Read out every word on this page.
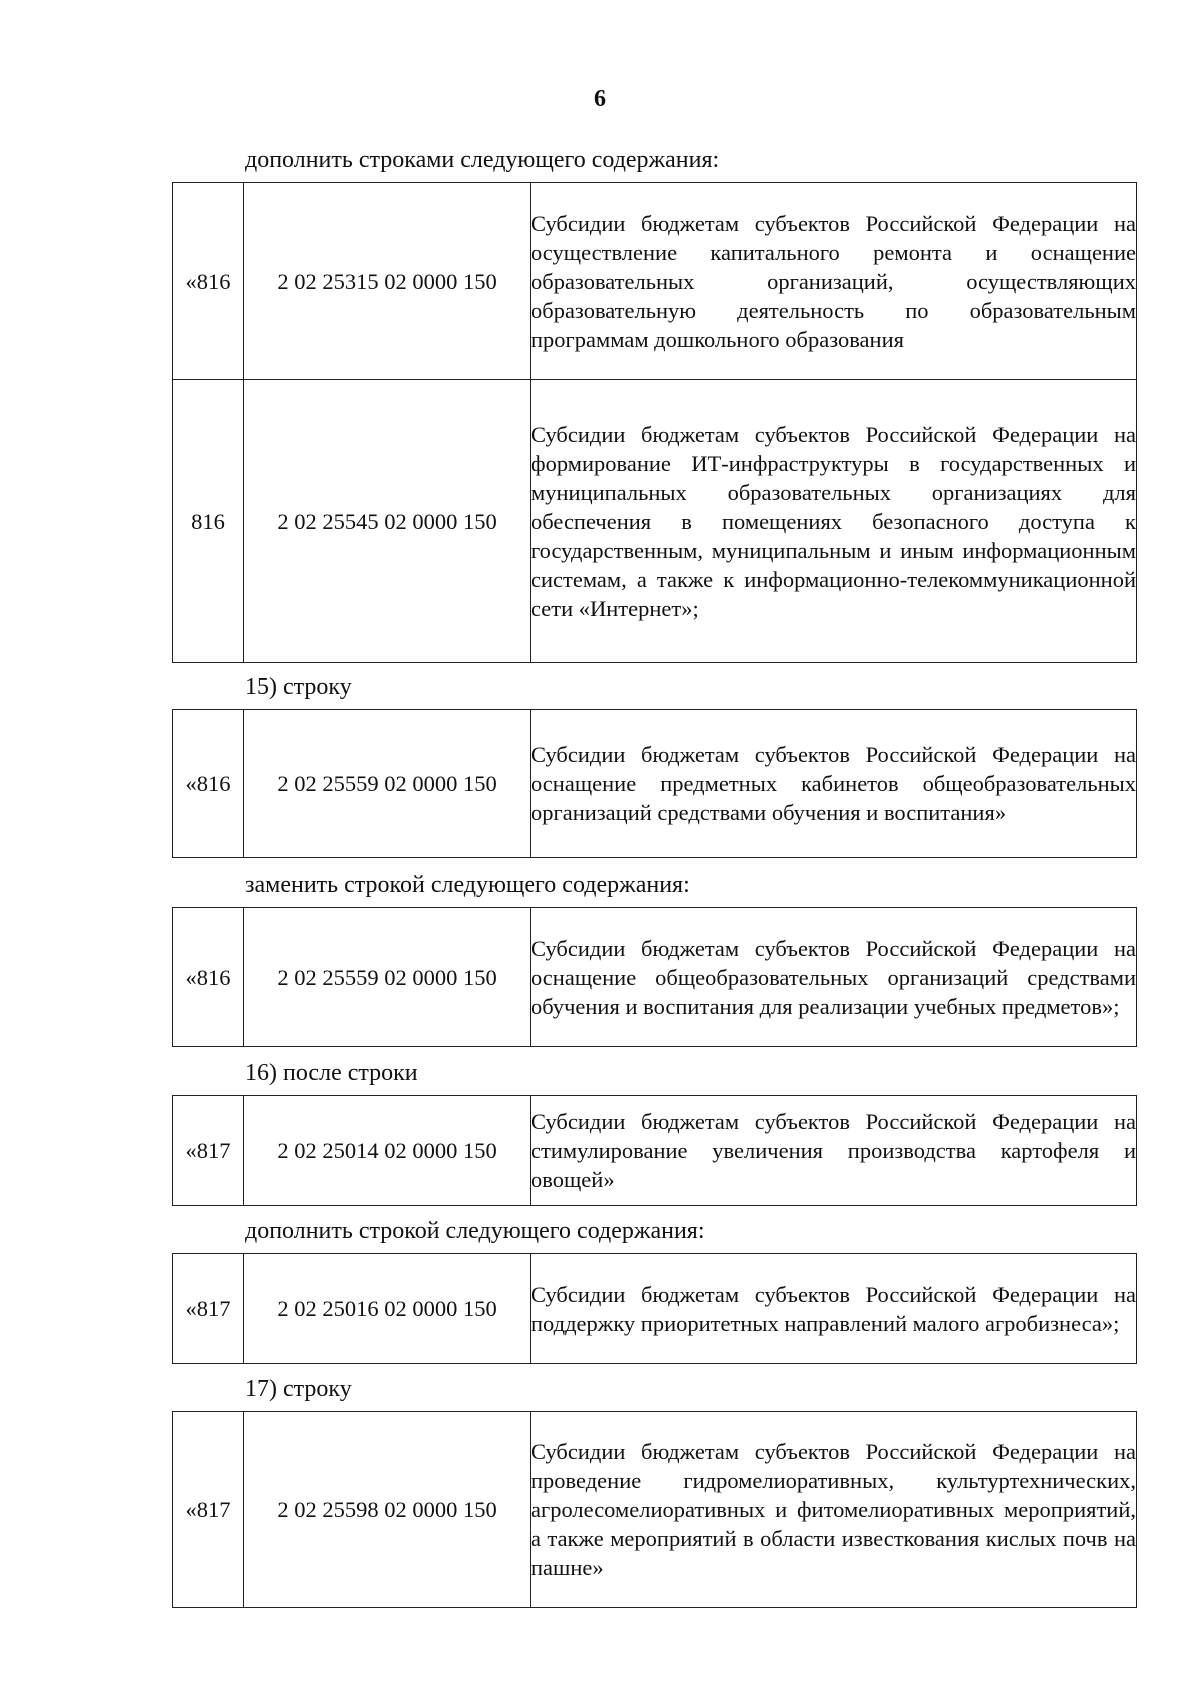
6
дополнить строками следующего содержания:
«816	2 02 25315 02 0000 150	Субсидии бюджетам субъектов Российской Федерации на осуществление капитального ремонта и оснащение образовательных организаций, осуществляющих образовательную деятельность по образовательным программам дошкольного образования
816	2 02 25545 02 0000 150	Субсидии бюджетам субъектов Российской Федерации на формирование ИТ-инфраструктуры в государственных и муниципальных образовательных организациях для обеспечения в помещениях безопасного доступа к государственным, муниципальным и иным информационным системам, а также к информационно-телекоммуникационной сети «Интернет»;
15) строку
«816	2 02 25559 02 0000 150	Субсидии бюджетам субъектов Российской Федерации на оснащение предметных кабинетов общеобразовательных организаций средствами обучения и воспитания»
заменить строкой следующего содержания:
«816	2 02 25559 02 0000 150	Субсидии бюджетам субъектов Российской Федерации на оснащение общеобразовательных организаций средствами обучения и воспитания для реализации учебных предметов»;
16) после строки
«817	2 02 25014 02 0000 150	Субсидии бюджетам субъектов Российской Федерации на стимулирование увеличения производства картофеля и овощей»
дополнить строкой следующего содержания:
«817	2 02 25016 02 0000 150	Субсидии бюджетам субъектов Российской Федерации на поддержку приоритетных направлений малого агробизнеса»;
17) строку
«817	2 02 25598 02 0000 150	Субсидии бюджетам субъектов Российской Федерации на проведение гидромелиоративных, культуртехнических, агролесомелиоративных и фитомелиоративных мероприятий, а также мероприятий в области известкования кислых почв на пашне»
